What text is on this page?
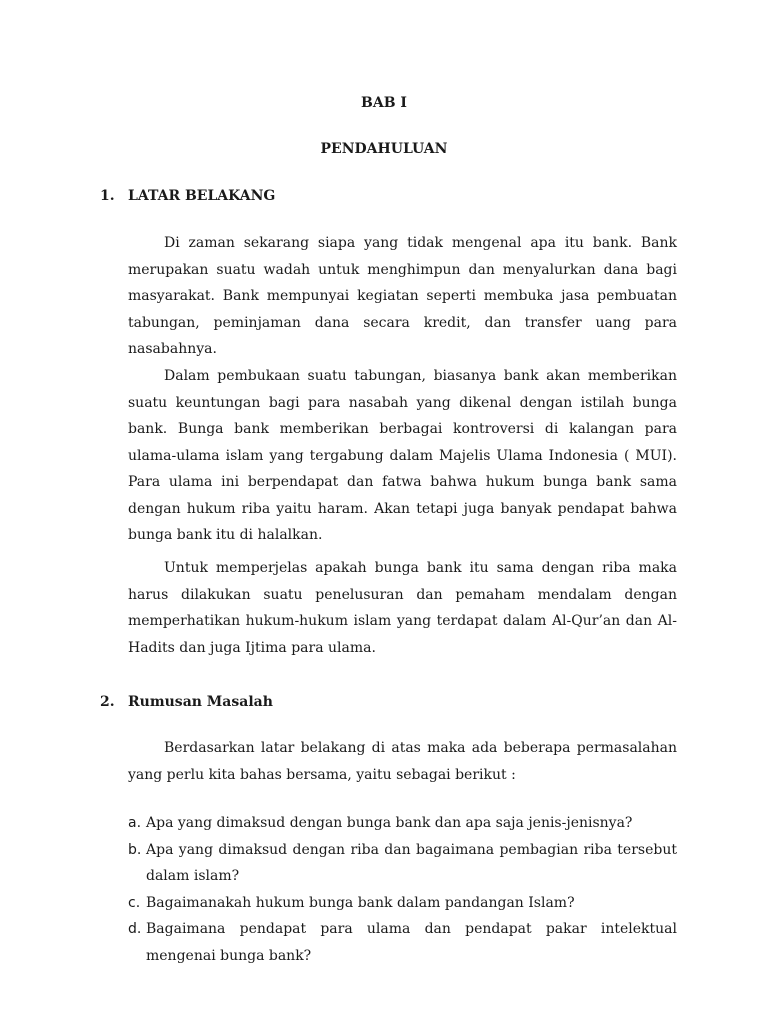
BAB I
PENDAHULUAN
1. LATAR BELAKANG

Di zaman sekarang siapa yang tidak mengenal apa itu bank. Bank merupakan suatu wadah untuk menghimpun dan menyalurkan dana bagi masyarakat. Bank mempunyai kegiatan seperti membuka jasa pembuatan tabungan, peminjaman dana secara kredit, dan transfer uang para nasabahnya.

Dalam pembukaan suatu tabungan, biasanya bank akan memberikan suatu keuntungan bagi para nasabah yang dikenal dengan istilah bunga bank. Bunga bank memberikan berbagai kontroversi di kalangan para ulama-ulama islam yang tergabung dalam Majelis Ulama Indonesia ( MUI). Para ulama ini berpendapat dan fatwa bahwa hukum bunga bank sama dengan hukum riba yaitu haram. Akan tetapi juga banyak pendapat bahwa bunga bank itu di halalkan.

Untuk memperjelas apakah bunga bank itu sama dengan riba maka harus dilakukan suatu penelusuran dan pemaham mendalam dengan memperhatikan hukum-hukum islam yang terdapat dalam Al-Qur’an dan Al-Hadits dan juga Ijtima para ulama.

2. Rumusan Masalah

Berdasarkan latar belakang di atas maka ada beberapa permasalahan yang perlu kita bahas bersama, yaitu sebagai berikut :

a. Apa yang dimaksud dengan bunga bank dan apa saja jenis-jenisnya?
b. Apa yang dimaksud dengan riba dan bagaimana pembagian riba tersebut dalam islam?
c. Bagaimanakah hukum bunga bank dalam pandangan Islam?
d. Bagaimana pendapat para ulama dan pendapat pakar intelektual mengenai bunga bank?
